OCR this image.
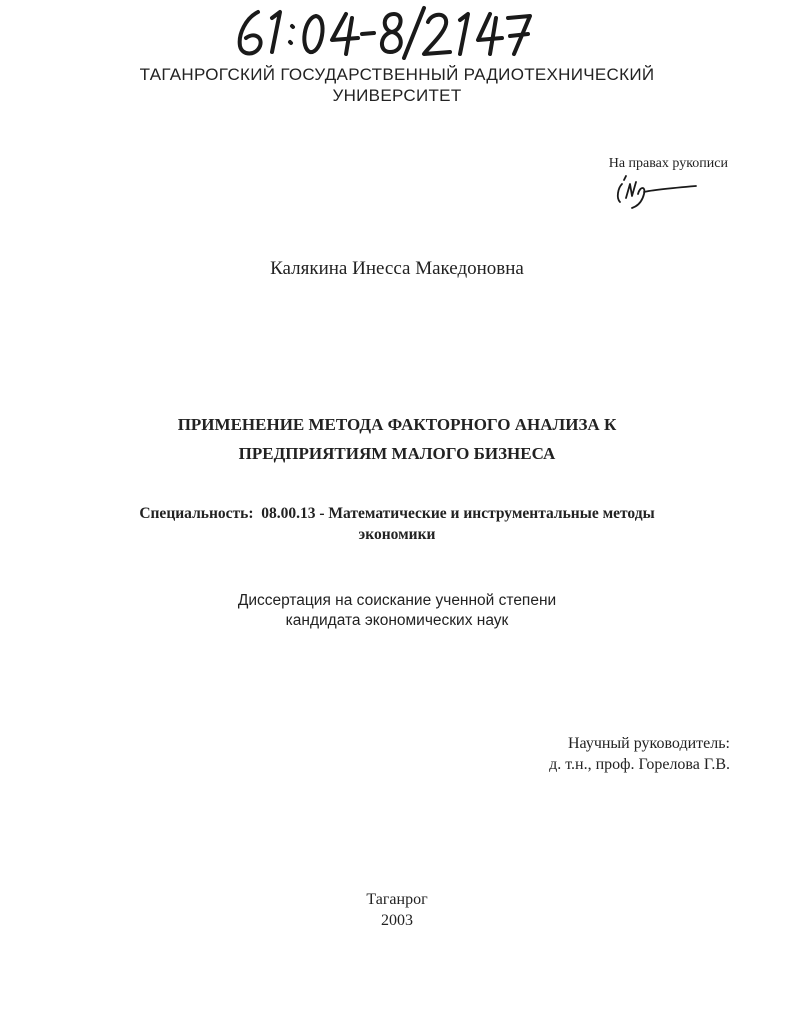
ТАГАНРОГСКИЙ ГОСУДАРСТВЕННЫЙ РАДИОТЕХНИЧЕСКИЙ
УНИВЕРСИТЕТ
На правах рукописи
Калякина Инесса Македоновна
ПРИМЕНЕНИЕ МЕТОДА ФАКТОРНОГО АНАЛИЗА К
ПРЕДПРИЯТИЯМ МАЛОГО БИЗНЕСА
Специальность:  08.00.13 - Математические и инструментальные методы
экономики
Диссертация на соискание ученной степени
кандидата экономических наук
Научный руководитель:
д. т.н., проф. Горелова Г.В.
Таганрог
2003
